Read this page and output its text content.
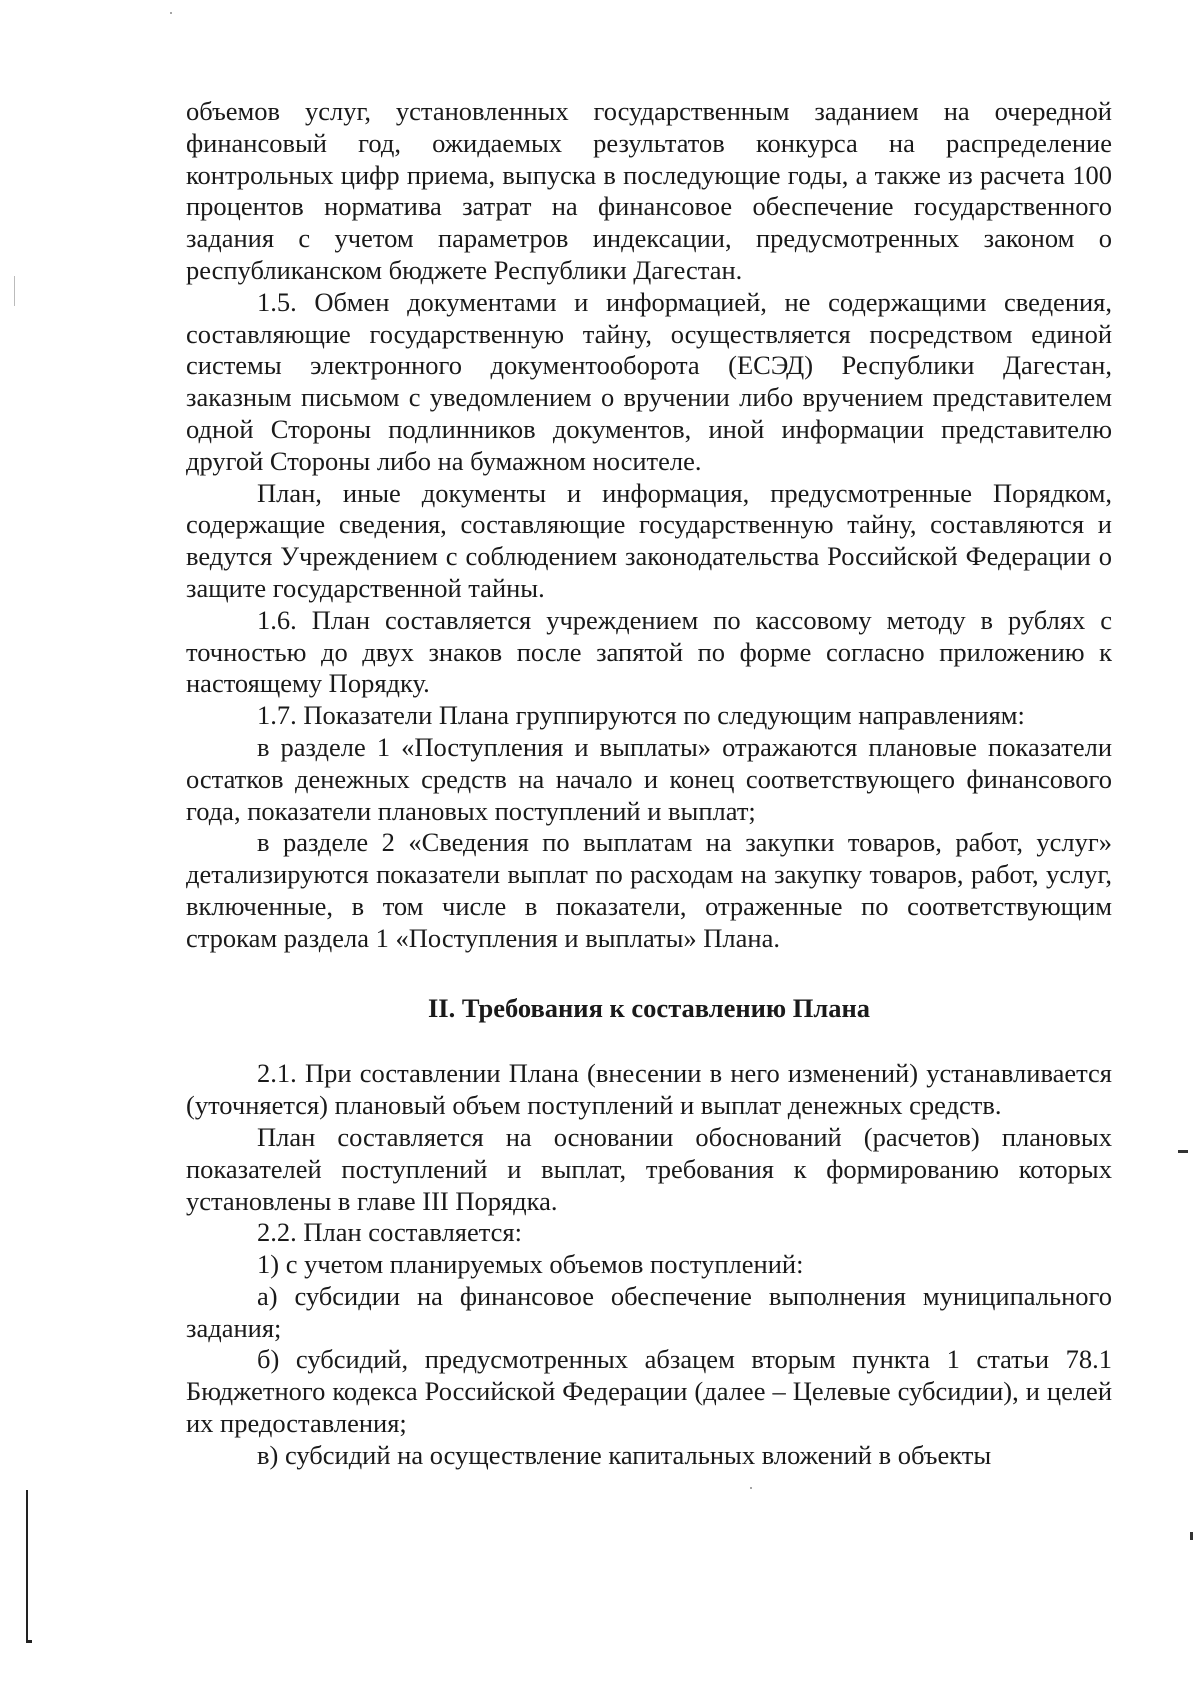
объемов услуг, установленных государственным заданием на очередной финансовый год, ожидаемых результатов конкурса на распределение контрольных цифр приема, выпуска в последующие годы, а также из расчета 100 процентов норматива затрат на финансовое обеспечение государственного задания с учетом параметров индексации, предусмотренных законом о республиканском бюджете Республики Дагестан.

1.5. Обмен документами и информацией, не содержащими сведения, составляющие государственную тайну, осуществляется посредством единой системы электронного документооборота (ЕСЭД) Республики Дагестан, заказным письмом с уведомлением о вручении либо вручением представителем одной Стороны подлинников документов, иной информации представителю другой Стороны либо на бумажном носителе.

План, иные документы и информация, предусмотренные Порядком, содержащие сведения, составляющие государственную тайну, составляются и ведутся Учреждением с соблюдением законодательства Российской Федерации о защите государственной тайны.

1.6. План составляется учреждением по кассовому методу в рублях с точностью до двух знаков после запятой по форме согласно приложению к настоящему Порядку.

1.7. Показатели Плана группируются по следующим направлениям:

в разделе 1 «Поступления и выплаты» отражаются плановые показатели остатков денежных средств на начало и конец соответствующего финансового года, показатели плановых поступлений и выплат;

в разделе 2 «Сведения по выплатам на закупки товаров, работ, услуг» детализируются показатели выплат по расходам на закупку товаров, работ, услуг, включенные, в том числе в показатели, отраженные по соответствующим строкам раздела 1 «Поступления и выплаты» Плана.

II. Требования к составлению Плана

2.1. При составлении Плана (внесении в него изменений) устанавливается (уточняется) плановый объем поступлений и выплат денежных средств.

План составляется на основании обоснований (расчетов) плановых показателей поступлений и выплат, требования к формированию которых установлены в главе III Порядка.

2.2. План составляется:

1) с учетом планируемых объемов поступлений:

а) субсидии на финансовое обеспечение выполнения муниципального задания;

б) субсидий, предусмотренных абзацем вторым пункта 1 статьи 78.1 Бюджетного кодекса Российской Федерации (далее – Целевые субсидии), и целей их предоставления;

в) субсидий на осуществление капитальных вложений в объекты
